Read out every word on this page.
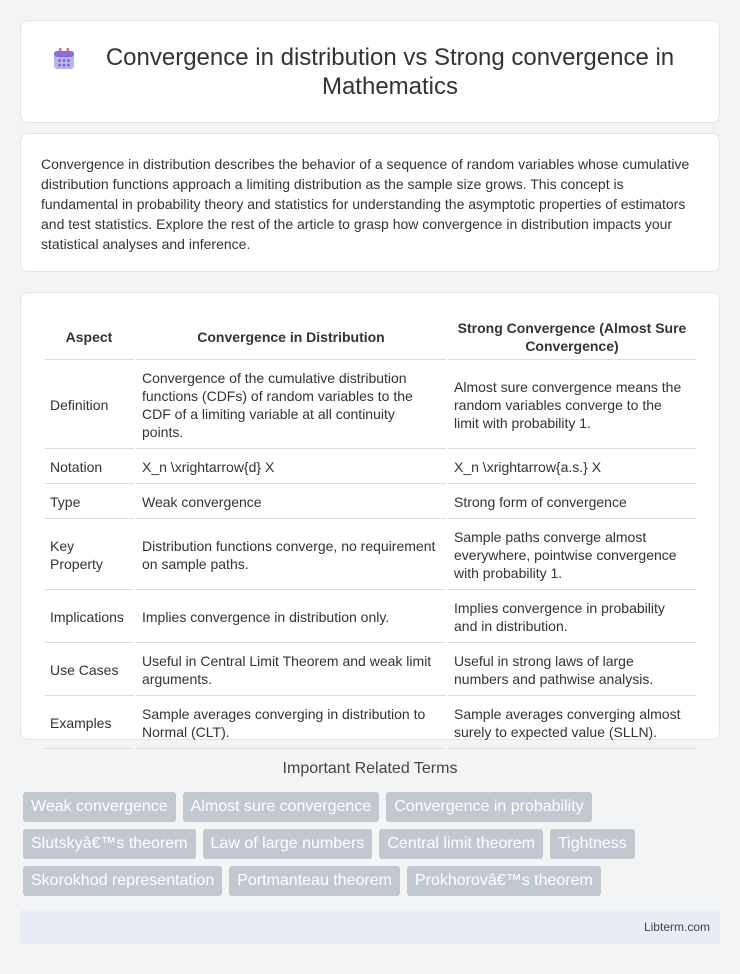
Convergence in distribution vs Strong convergence in Mathematics

Convergence in distribution describes the behavior of a sequence of random variables whose cumulative distribution functions approach a limiting distribution as the sample size grows. This concept is fundamental in probability theory and statistics for understanding the asymptotic properties of estimators and test statistics. Explore the rest of the article to grasp how convergence in distribution impacts your statistical analyses and inference.

Aspect	Convergence in Distribution	Strong Convergence (Almost Sure Convergence)
Definition	Convergence of the cumulative distribution functions (CDFs) of random variables to the CDF of a limiting variable at all continuity points.	Almost sure convergence means the random variables converge to the limit with probability 1.
Notation	X_n \xrightarrow{d} X	X_n \xrightarrow{a.s.} X
Type	Weak convergence	Strong form of convergence
Key Property	Distribution functions converge, no requirement on sample paths.	Sample paths converge almost everywhere, pointwise convergence with probability 1.
Implications	Implies convergence in distribution only.	Implies convergence in probability and in distribution.
Use Cases	Useful in Central Limit Theorem and weak limit arguments.	Useful in strong laws of large numbers and pathwise analysis.
Examples	Sample averages converging in distribution to Normal (CLT).	Sample averages converging almost surely to expected value (SLLN).
Important Related Terms
Weak convergence	Almost sure convergence	Convergence in probability
Slutskyâ€™s theorem	Law of large numbers	Central limit theorem	Tightness
Skorokhod representation	Portmanteau theorem	Prokhorovâ€™s theorem
Libterm.com
